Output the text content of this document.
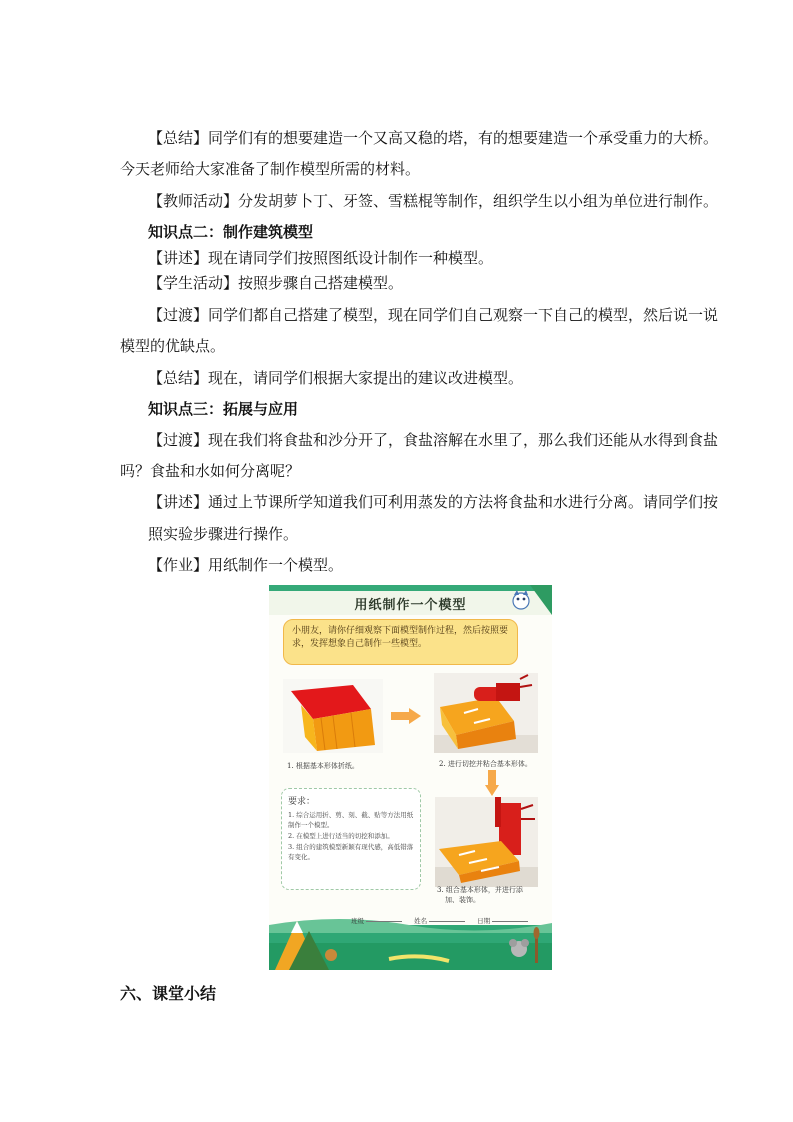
【总结】同学们有的想要建造一个又高又稳的塔，有的想要建造一个承受重力的大桥。
今天老师给大家准备了制作模型所需的材料。
【教师活动】分发胡萝卜丁、牙签、雪糕棍等制作，组织学生以小组为单位进行制作。
知识点二：制作建筑模型
【讲述】现在请同学们按照图纸设计制作一种模型。
【学生活动】按照步骤自己搭建模型。
【过渡】同学们都自己搭建了模型，现在同学们自己观察一下自己的模型，然后说一说
模型的优缺点。
【总结】现在，请同学们根据大家提出的建议改进模型。
知识点三：拓展与应用
【过渡】现在我们将食盐和沙分开了，食盐溶解在水里了，那么我们还能从水得到食盐
吗？食盐和水如何分离呢？
【讲述】通过上节课所学知道我们可利用蒸发的方法将食盐和水进行分离。请同学们按
照实验步骤进行操作。
【作业】用纸制作一个模型。
用纸制作一个模型
小朋友，请你仔细观察下面模型制作过程，然后按照要求，发挥想象自己制作一些模型。
1. 根据基本形体折纸。	2. 进行切挖并粘合基本形体。
要求：
1. 综合运用折、剪、刻、截、贴等方法用纸制作一个模型。
2. 在模型上进行适当的切挖和添加。
3. 组合的建筑模型新颖有现代感，高低错落有变化。
3. 组合基本形体，并进行添
加、装饰。
班级	姓名	日期
六、课堂小结
